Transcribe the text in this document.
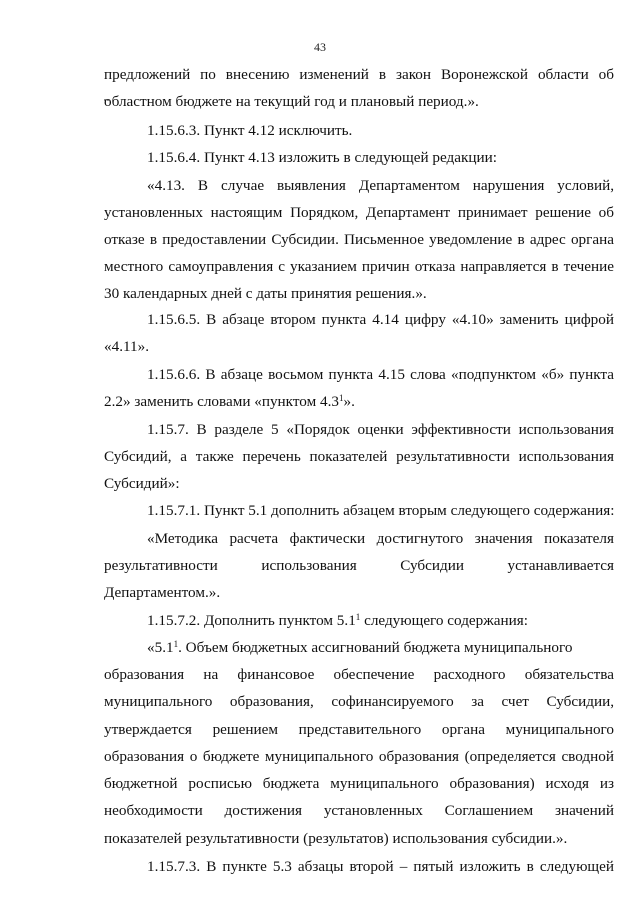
43
предложений по внесению изменений в закон Воронежской области об
областном бюджете на текущий год и плановый период.».
1.15.6.3. Пункт 4.12 исключить.
1.15.6.4. Пункт 4.13 изложить в следующей редакции:
«4.13. В случае выявления Департаментом нарушения условий,
установленных настоящим Порядком, Департамент принимает решение об
отказе в предоставлении Субсидии. Письменное уведомление в адрес органа
местного самоуправления с указанием причин отказа направляется в течение
30 календарных дней с даты принятия решения.».
1.15.6.5. В абзаце втором пункта 4.14 цифру «4.10» заменить цифрой
«4.11».
1.15.6.6. В абзаце восьмом пункта 4.15 слова «подпунктом «б» пункта
2.2» заменить словами «пунктом $4.3^1$».
1.15.7. В разделе 5 «Порядок оценки эффективности использования
Субсидий, а также перечень показателей результативности использования
Субсидий»:
1.15.7.1. Пункт 5.1 дополнить абзацем вторым следующего содержания:
«Методика расчета фактически достигнутого значения показателя
результативности использования Субсидии устанавливается
Департаментом.».
1.15.7.2. Дополнить пунктом $5.1^1$ следующего содержания:
«$5.1^1$. Объем бюджетных ассигнований бюджета муниципального
образования на финансовое обеспечение расходного обязательства
муниципального образования, софинансируемого за счет Субсидии,
утверждается решением представительного органа муниципального
образования о бюджете муниципального образования (определяется сводной
бюджетной росписью бюджета муниципального образования) исходя из
необходимости достижения установленных Соглашением значений
показателей результативности (результатов) использования субсидии.».
1.15.7.3. В пункте 5.3 абзацы второй – пятый изложить в следующей
